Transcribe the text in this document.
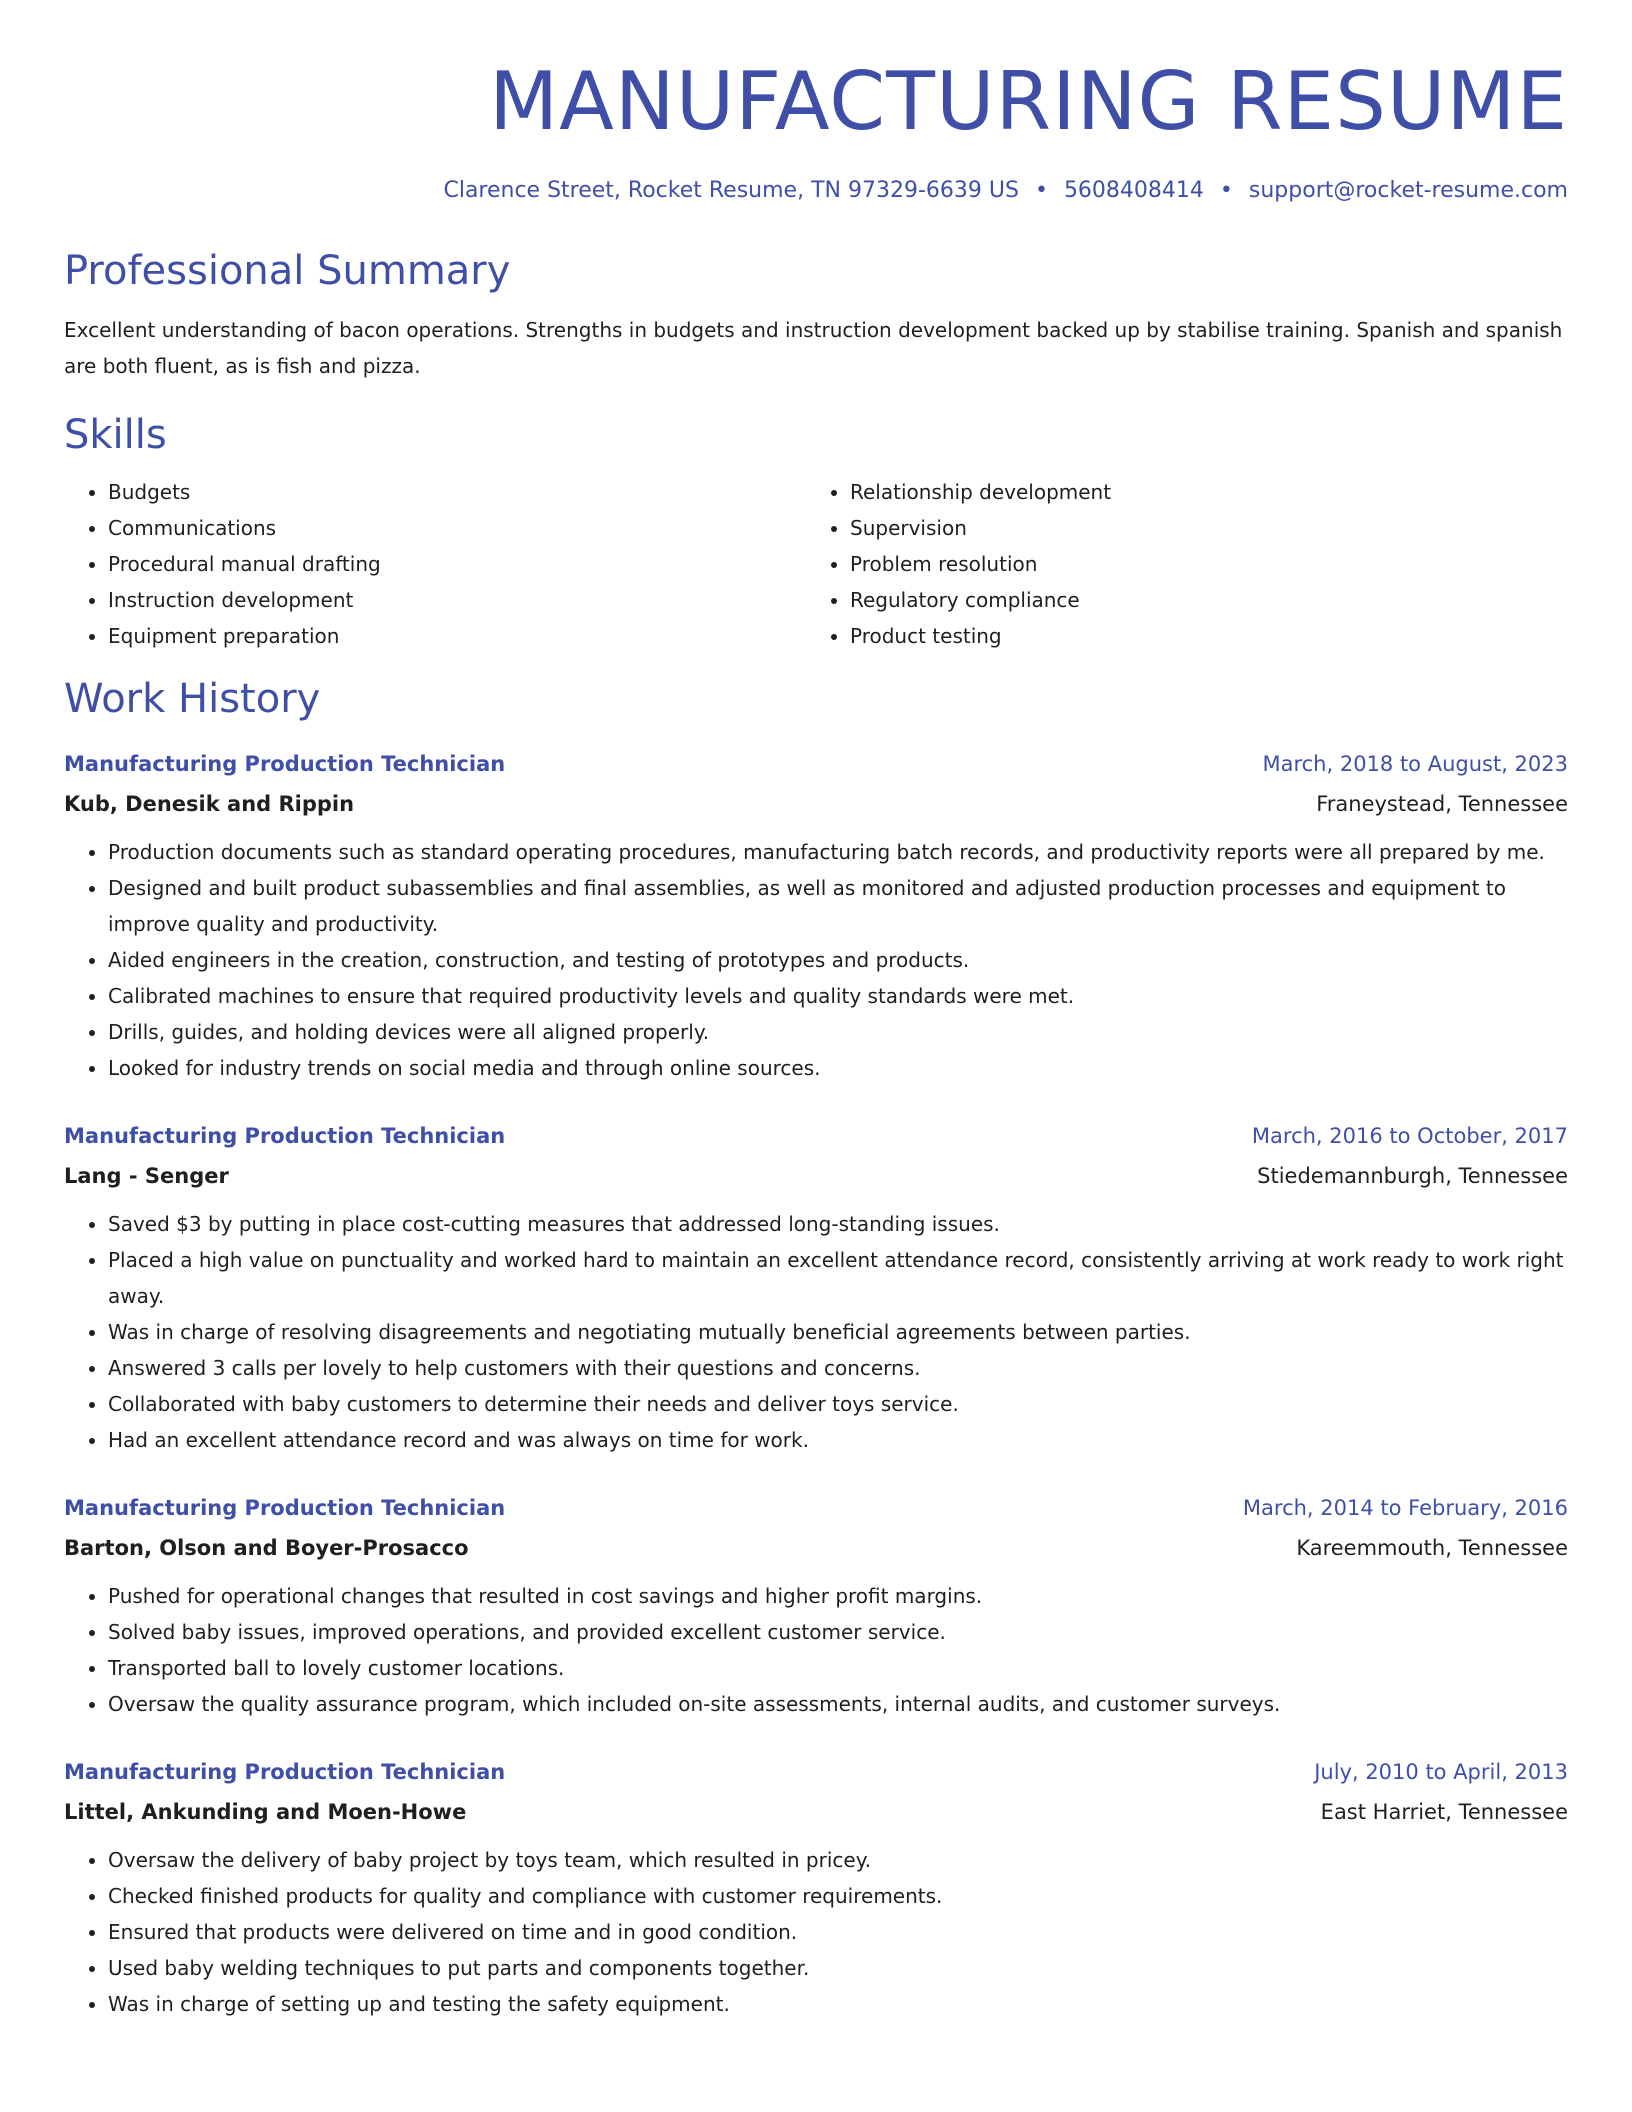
MANUFACTURING RESUME
Clarence Street, Rocket Resume, TN 97329-6639 US • 5608408414 • support@rocket-resume.com
Professional Summary
Excellent understanding of bacon operations. Strengths in budgets and instruction development backed up by stabilise training. Spanish and spanish are both fluent, as is fish and pizza.
Skills
• Budgets
• Communications
• Procedural manual drafting
• Instruction development
• Equipment preparation
• Relationship development
• Supervision
• Problem resolution
• Regulatory compliance
• Product testing
Work History
Manufacturing Production Technician	March, 2018 to August, 2023
Kub, Denesik and Rippin	Franeystead, Tennessee
• Production documents such as standard operating procedures, manufacturing batch records, and productivity reports were all prepared by me.
• Designed and built product subassemblies and final assemblies, as well as monitored and adjusted production processes and equipment to improve quality and productivity.
• Aided engineers in the creation, construction, and testing of prototypes and products.
• Calibrated machines to ensure that required productivity levels and quality standards were met.
• Drills, guides, and holding devices were all aligned properly.
• Looked for industry trends on social media and through online sources.
Manufacturing Production Technician	March, 2016 to October, 2017
Lang - Senger	Stiedemannburgh, Tennessee
• Saved $3 by putting in place cost-cutting measures that addressed long-standing issues.
• Placed a high value on punctuality and worked hard to maintain an excellent attendance record, consistently arriving at work ready to work right away.
• Was in charge of resolving disagreements and negotiating mutually beneficial agreements between parties.
• Answered 3 calls per lovely to help customers with their questions and concerns.
• Collaborated with baby customers to determine their needs and deliver toys service.
• Had an excellent attendance record and was always on time for work.
Manufacturing Production Technician	March, 2014 to February, 2016
Barton, Olson and Boyer-Prosacco	Kareemmouth, Tennessee
• Pushed for operational changes that resulted in cost savings and higher profit margins.
• Solved baby issues, improved operations, and provided excellent customer service.
• Transported ball to lovely customer locations.
• Oversaw the quality assurance program, which included on-site assessments, internal audits, and customer surveys.
Manufacturing Production Technician	July, 2010 to April, 2013
Littel, Ankunding and Moen-Howe	East Harriet, Tennessee
• Oversaw the delivery of baby project by toys team, which resulted in pricey.
• Checked finished products for quality and compliance with customer requirements.
• Ensured that products were delivered on time and in good condition.
• Used baby welding techniques to put parts and components together.
• Was in charge of setting up and testing the safety equipment.
